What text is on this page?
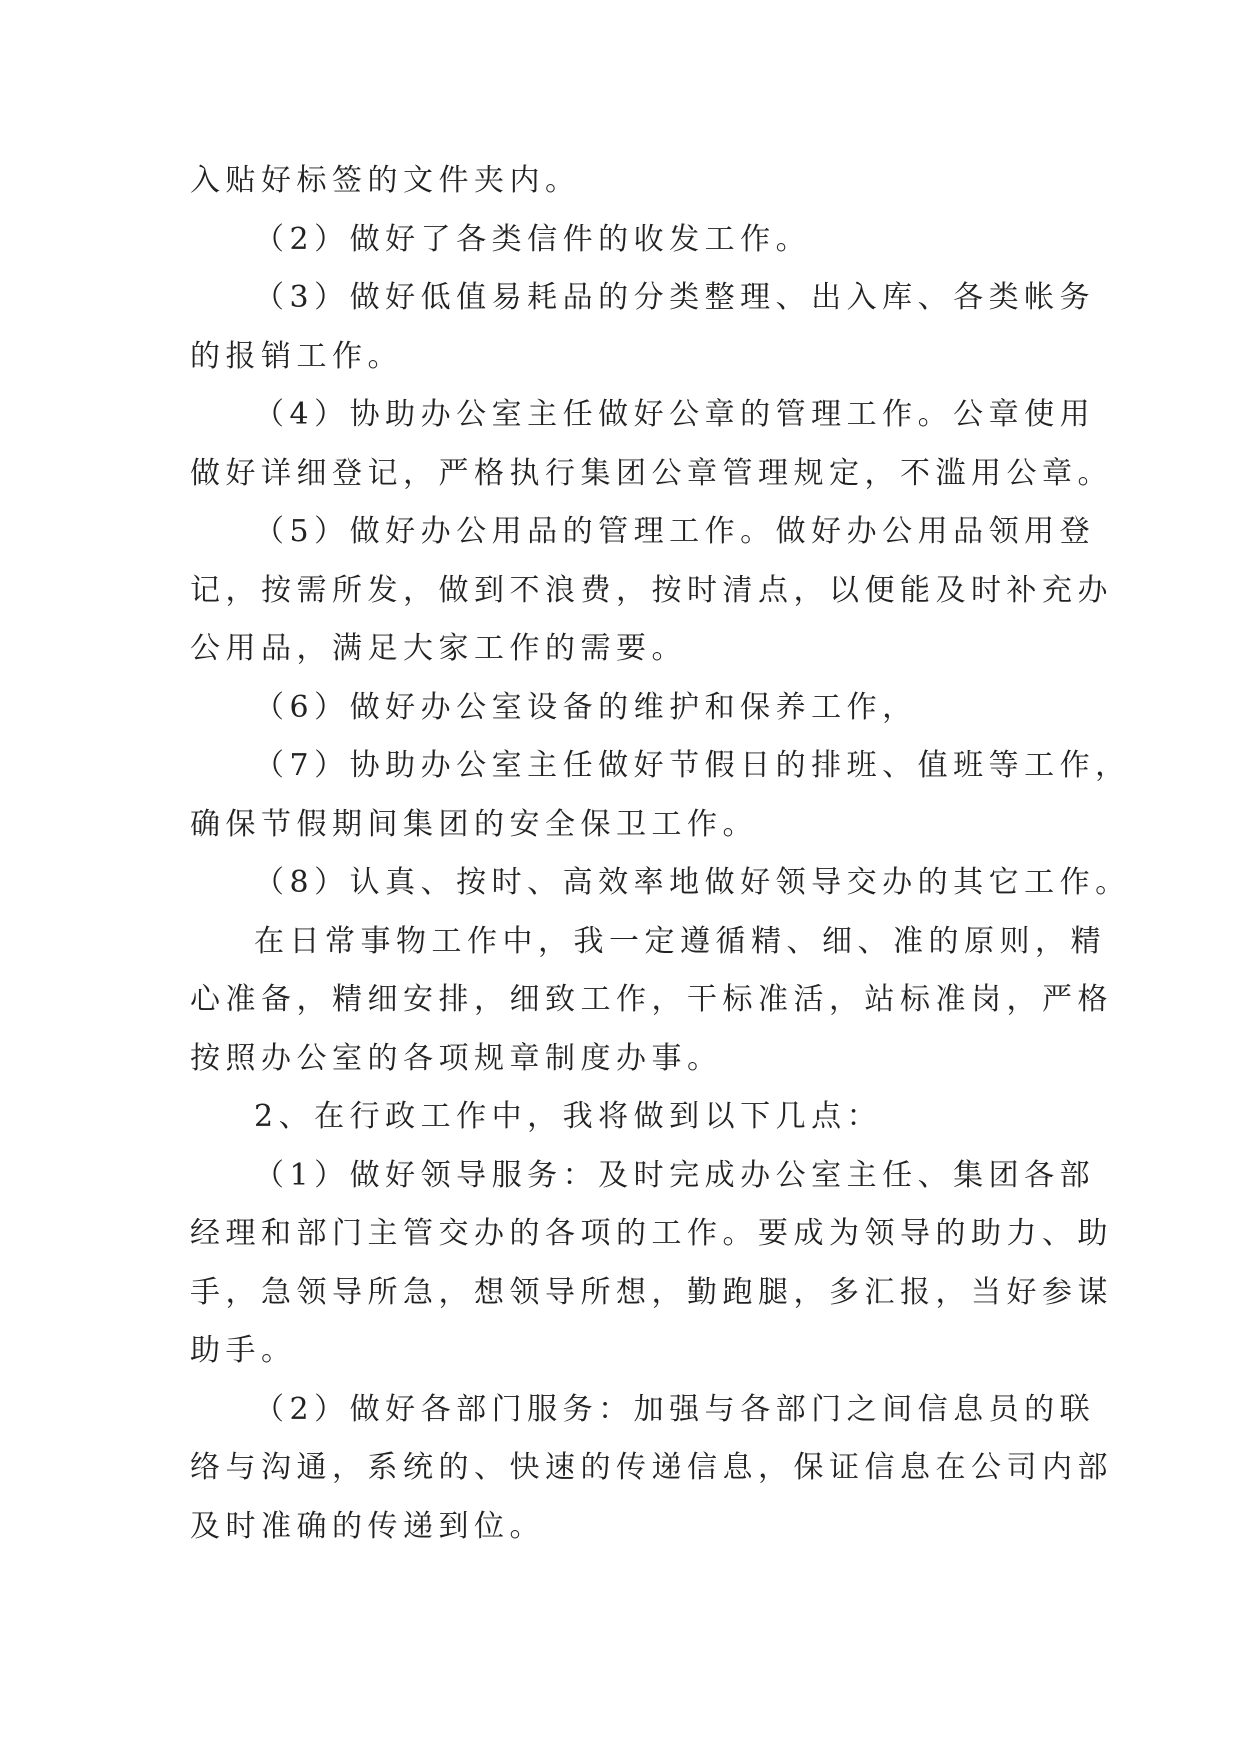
入贴好标签的文件夹内。
（2）做好了各类信件的收发工作。
（3）做好低值易耗品的分类整理、出入库、各类帐务
的报销工作。
（4）协助办公室主任做好公章的管理工作。公章使用
做好详细登记，严格执行集团公章管理规定，不滥用公章。
（5）做好办公用品的管理工作。做好办公用品领用登
记，按需所发，做到不浪费，按时清点，以便能及时补充办
公用品，满足大家工作的需要。
（6）做好办公室设备的维护和保养工作，
（7）协助办公室主任做好节假日的排班、值班等工作，
确保节假期间集团的安全保卫工作。
（8）认真、按时、高效率地做好领导交办的其它工作。
在日常事物工作中，我一定遵循精、细、准的原则，精
心准备，精细安排，细致工作，干标准活，站标准岗，严格
按照办公室的各项规章制度办事。
2、在行政工作中，我将做到以下几点：
（1）做好领导服务：及时完成办公室主任、集团各部
经理和部门主管交办的各项的工作。要成为领导的助力、助
手，急领导所急，想领导所想，勤跑腿，多汇报，当好参谋
助手。
（2）做好各部门服务：加强与各部门之间信息员的联
络与沟通，系统的、快速的传递信息，保证信息在公司内部
及时准确的传递到位。
